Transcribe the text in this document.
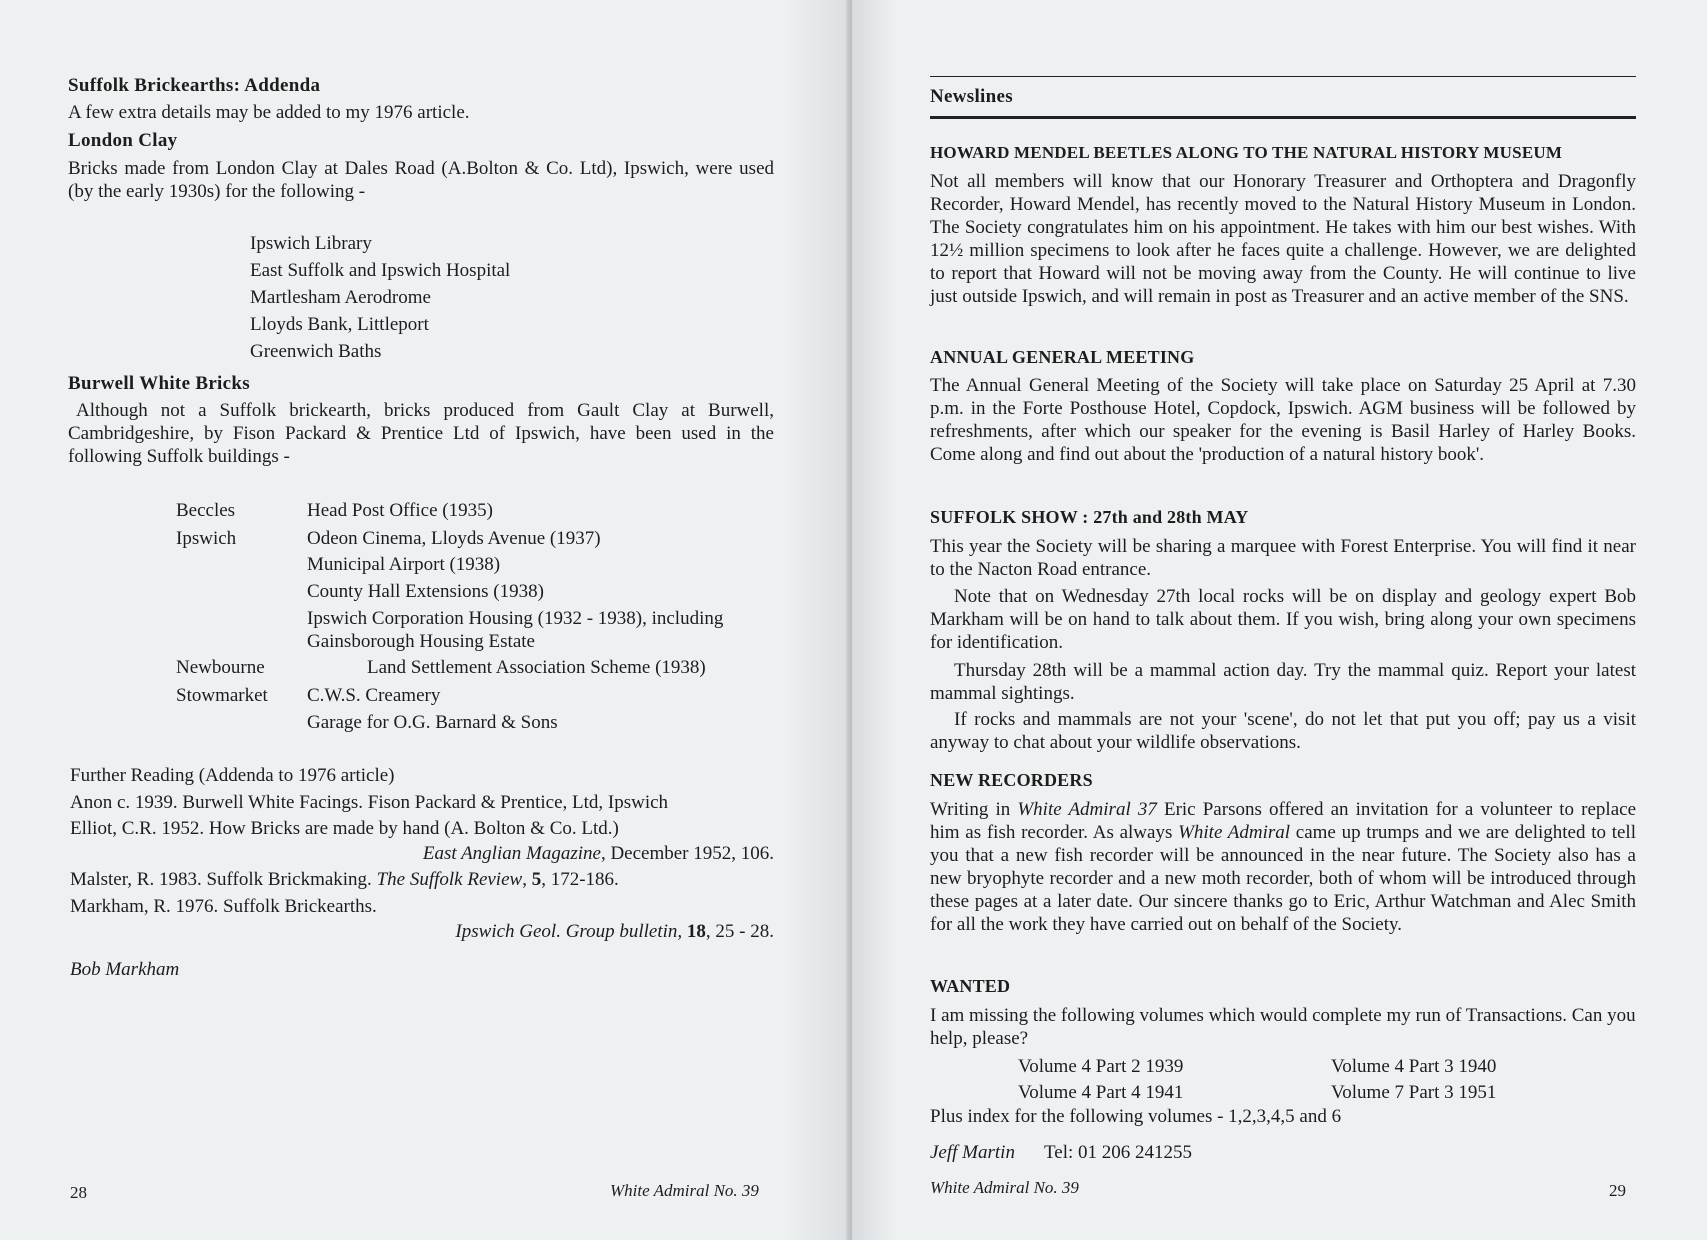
Suffolk Brickearths: Addenda
A few extra details may be added to my 1976 article.
London Clay
Bricks made from London Clay at Dales Road (A.Bolton & Co. Ltd), Ipswich, were used (by the early 1930s) for the following -
Ipswich Library
East Suffolk and Ipswich Hospital
Martlesham Aerodrome
Lloyds Bank, Littleport
Greenwich Baths
Burwell White Bricks
Although not a Suffolk brickearth, bricks produced from Gault Clay at Burwell, Cambridgeshire, by Fison Packard & Prentice Ltd of Ipswich, have been used in the following Suffolk buildings -
Beccles	Head Post Office (1935)
Ipswich	Odeon Cinema, Lloyds Avenue (1937)
Municipal Airport (1938)
County Hall Extensions (1938)
Ipswich Corporation Housing (1932 - 1938), including
Gainsborough Housing Estate
Newbourne	Land Settlement Association Scheme (1938)
Stowmarket C.W.S. Creamery
Garage for O.G. Barnard & Sons
Further Reading (Addenda to 1976 article)
Anon c. 1939. Burwell White Facings. Fison Packard & Prentice, Ltd, Ipswich
Elliot, C.R. 1952. How Bricks are made by hand (A. Bolton & Co. Ltd.)
East Anglian Magazine, December 1952, 106.
Malster, R. 1983. Suffolk Brickmaking. The Suffolk Review, 5, 172-186.
Markham, R. 1976. Suffolk Brickearths.
Ipswich Geol. Group bulletin, 18, 25 - 28.
Bob Markham
28	White Admiral No. 39
Newslines
HOWARD MENDEL BEETLES ALONG TO THE NATURAL HISTORY MUSEUM
Not all members will know that our Honorary Treasurer and Orthoptera and Dragonfly Recorder, Howard Mendel, has recently moved to the Natural History Museum in London. The Society congratulates him on his appointment. He takes with him our best wishes. With 12½ million specimens to look after he faces quite a challenge. However, we are delighted to report that Howard will not be moving away from the County. He will continue to live just outside Ipswich, and will remain in post as Treasurer and an active member of the SNS.
ANNUAL GENERAL MEETING
The Annual General Meeting of the Society will take place on Saturday 25 April at 7.30 p.m. in the Forte Posthouse Hotel, Copdock, Ipswich. AGM business will be followed by refreshments, after which our speaker for the evening is Basil Harley of Harley Books. Come along and find out about the 'production of a natural history book'.
SUFFOLK SHOW : 27th and 28th MAY
This year the Society will be sharing a marquee with Forest Enterprise. You will find it near to the Nacton Road entrance.
Note that on Wednesday 27th local rocks will be on display and geology expert Bob Markham will be on hand to talk about them. If you wish, bring along your own specimens for identification.
Thursday 28th will be a mammal action day. Try the mammal quiz. Report your latest mammal sightings.
If rocks and mammals are not your 'scene', do not let that put you off; pay us a visit anyway to chat about your wildlife observations.
NEW RECORDERS
Writing in White Admiral 37 Eric Parsons offered an invitation for a volunteer to replace him as fish recorder. As always White Admiral came up trumps and we are delighted to tell you that a new fish recorder will be announced in the near future. The Society also has a new bryophyte recorder and a new moth recorder, both of whom will be introduced through these pages at a later date. Our sincere thanks go to Eric, Arthur Watchman and Alec Smith for all the work they have carried out on behalf of the Society.
WANTED
I am missing the following volumes which would complete my run of Transactions. Can you help, please?
Volume 4 Part 2 1939	Volume 4 Part 3 1940
Volume 4 Part 4 1941	Volume 7 Part 3 1951
Plus index for the following volumes - 1,2,3,4,5 and 6
Jeff Martin Tel: 01 206 241255
White Admiral No. 39	29
